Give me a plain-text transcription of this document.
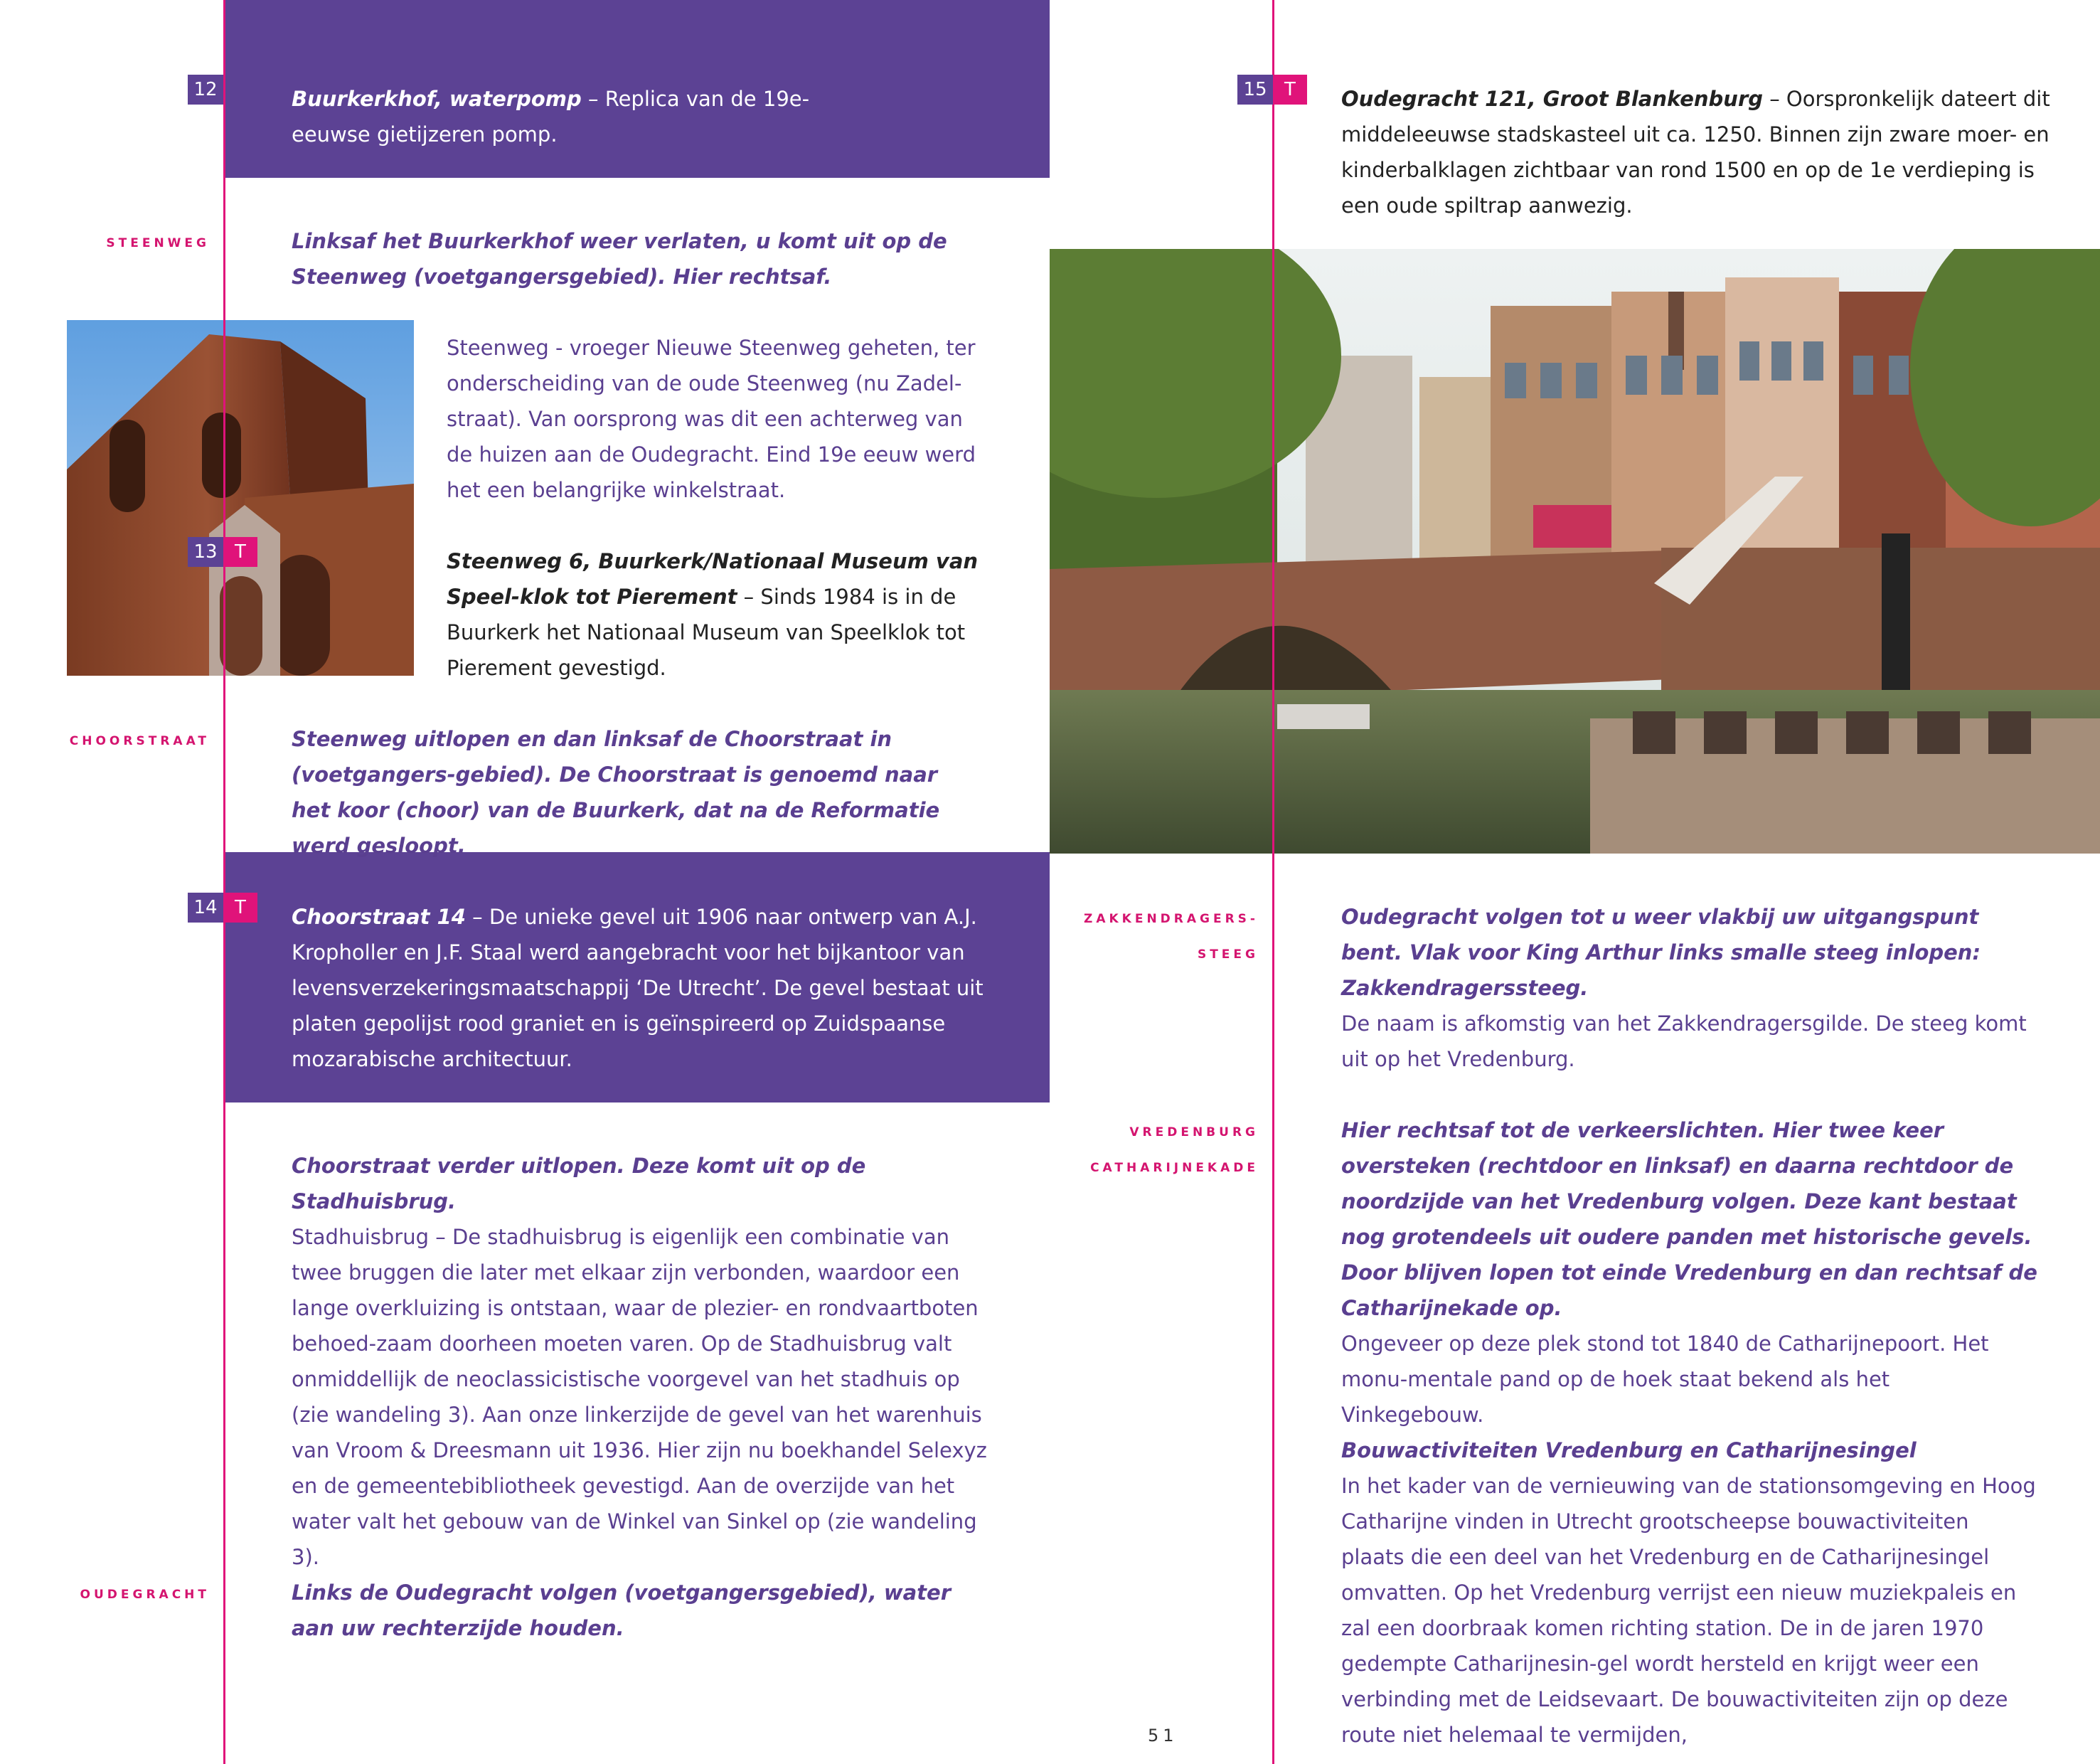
12
13 T
14 T
15 T
STEENWEG
CHOORSTRAAT
OUDEGRACHT
ZAKKENDRAGERS-
STEEG
VREDENBURG
CATHARIJNEKADE
Buurkerkhof, waterpomp – Replica van de 19e-eeuwse gietijzeren pomp.
Linksaf het Buurkerkhof weer verlaten, u komt uit op de Steenweg (voetgangersgebied). Hier rechtsaf.
Steenweg - vroeger Nieuwe Steenweg geheten, ter onderscheiding van de oude Steenweg (nu Zadel-straat). Van oorsprong was dit een achterweg van de huizen aan de Oudegracht. Eind 19e eeuw werd het een belangrijke winkelstraat.
Steenweg 6, Buurkerk/Nationaal Museum van Speel-klok tot Pierement – Sinds 1984 is in de Buurkerk het Nationaal Museum van Speelklok tot Pierement gevestigd.
Steenweg uitlopen en dan linksaf de Choorstraat in (voetgangers-gebied). De Choorstraat is genoemd naar het koor (choor) van de Buurkerk, dat na de Reformatie werd gesloopt.
Choorstraat 14 – De unieke gevel uit 1906 naar ontwerp van A.J. Kropholler en J.F. Staal werd aangebracht voor het bijkantoor van levensverzekeringsmaatschappij ‘De Utrecht’. De gevel bestaat uit platen gepolijst rood graniet en is geïnspireerd op Zuidspaanse mozarabische architectuur.
Choorstraat verder uitlopen. Deze komt uit op de Stadhuisbrug.
Stadhuisbrug – De stadhuisbrug is eigenlijk een combinatie van twee bruggen die later met elkaar zijn verbonden, waardoor een lange overkluizing is ontstaan, waar de plezier- en rondvaartboten behoed-zaam doorheen moeten varen. Op de Stadhuisbrug valt onmiddellijk de neoclassicistische voorgevel van het stadhuis op (zie wandeling 3). Aan onze linkerzijde de gevel van het warenhuis van Vroom & Dreesmann uit 1936. Hier zijn nu boekhandel Selexyz en de gemeentebibliotheek gevestigd. Aan de overzijde van het water valt het gebouw van de Winkel van Sinkel op (zie wandeling 3).
Links de Oudegracht volgen (voetgangersgebied), water aan uw rechterzijde houden.
Oudegracht 121, Groot Blankenburg – Oorspronkelijk dateert dit middeleeuwse stadskasteel uit ca. 1250. Binnen zijn zware moer- en kinderbalklagen zichtbaar van rond 1500 en op de 1e verdieping is een oude spiltrap aanwezig.
Oudegracht volgen tot u weer vlakbij uw uitgangspunt bent. Vlak voor King Arthur links smalle steeg inlopen: Zakkendragerssteeg.
De naam is afkomstig van het Zakkendragersgilde. De steeg komt uit op het Vredenburg.
Hier rechtsaf tot de verkeerslichten. Hier twee keer oversteken (rechtdoor en linksaf) en daarna rechtdoor de noordzijde van het Vredenburg volgen. Deze kant bestaat nog grotendeels uit oudere panden met historische gevels. Door blijven lopen tot einde Vredenburg en dan rechtsaf de Catharijnekade op.
Ongeveer op deze plek stond tot 1840 de Catharijnepoort. Het monu-mentale pand op de hoek staat bekend als het Vinkegebouw.
Bouwactiviteiten Vredenburg en Catharijnesingel
In het kader van de vernieuwing van de stationsomgeving en Hoog Catharijne vinden in Utrecht grootscheepse bouwactiviteiten plaats die een deel van het Vredenburg en de Catharijnesingel omvatten. Op het Vredenburg verrijst een nieuw muziekpaleis en zal een doorbraak komen richting station. De in de jaren 1970 gedempte Catharijnesin-gel wordt hersteld en krijgt weer een verbinding met de Leidsevaart. De bouwactiviteiten zijn op deze route niet helemaal te vermijden,
51
